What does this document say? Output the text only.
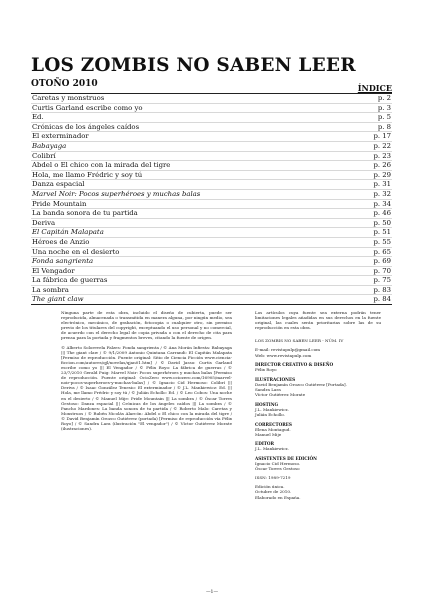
LOS ZOMBIS NO SABEN LEER
OTOÑO 2010	ÍNDICE
Caretas y monstruos	p. 2
Curtis Garland escribe como yo	p. 3
Ed.	p. 5
Crónicas de los ángeles caídos	p. 8
El exterminador	p. 17
Babayaga	p. 22
Colibrí	p. 23
Abdel o El chico con la mirada del tigre	p. 26
Hola, me llamo Frédric y soy tú	p. 29
Danza espacial	p. 31
Marvel Noir: Pocos superhéroes y muchas balas	p. 32
Pride Mountain	p. 34
La banda sonora de tu partida	p. 46
Deriva	p. 50
El Capitán Malapata	p. 51
Héroes de Anzio	p. 55
Una noche en el desierto	p. 65
Fonda sangrienta	p. 69
El Vengador	p. 70
La fábrica de guerras	p. 75
La sombra	p. 83
The giant claw	p. 84

Ninguna parte de esta obra, incluido el diseño de cubierta, puede ser reproducida, almacenada o transmitida en manera alguna, por ningún medio, sea electrónico, mecánico, de grabación, fotocopia o cualquier otro, sin permiso previo de los titulares del copyright, exceptuando el uso personal y no comercial, de acuerdo con el derecho legal de copia privada o con el derecho de cita para prensa para la portada y fragmentos breves, citando la fuente de origen.

© Alberto Solorevela Falzes: Fonda sangrienta / © Ana Morán Infiesta: Babayaga ||| The giant claw / © 9/1/2009 Antonio Quintana Carrandi: El Capitán Malapata [Permiso de reproducción. Fuente original: Sitio de Ciencia Ficción www.ciencia-ficcion.com/autores/qjl/novelas/qjan01.htm] / © David Jasso: Curtis Garland escribe como yo ||| El Vengador / © Félix Royo: La fábrica de guerras / © 23/7/2010 Gerald Puig: Marvel Noir: Pocos superhéroes y muchas balas [Permiso de reproducción. Fuente original: OcioZero www.ociozero.com/16905/marvel-noir-pocos-superheroes-y-muchas-balas] / © Ignacio Cid Hermoso: Colibrí ||| Deriva / © Isaac González Tenesio: El exterminador / © J.L. Mankiewicz: Ed. ||| Hola, me llamo Frédric y soy tú / © Julián Echollo: Ed. / © Leo Cobos: Una noche en el desierto / © Manuel Mije: Pride Mountain ||| La sombra / © Óscar Torres Gestoso: Danza espacial ||| Crónicas de los ángeles caídos ||| La sombra / © Pancho Mardones: La banda sonora de tu partida / © Roberto Malo: Caretas y Monstruos / © Rubén Nicolás Alarcón: Abdel o El chico con la mirada del tigre / © David Benjamín Orozco Gutiérrez (portada) [Permiso de reproducción vía Félix Royo] / © Sandra Lara (ilustración "El vengador") / © Víctor Gutiérrez Morate (ilustraciones).

Los artículos cuya fuente sea externa podrán tener limitaciones legales añadidas en sus derechos en la fuente original, las cuales serán prioritarias sobre las de su reproducción en esta obra.

LOS ZOMBIS NO SABEN LEER - NÚM. IV

E-mail: revistapulp@gmail.com

Web: www.revistapulp.com

DIRECTOR CREATIVO & DISEÑO

Félix Royo

ILUSTRACIONES

David Benjamín Orozco Gutiérrez [Portada].

Sandra Lara

Víctor Gutiérrez Morate

HOSTING

J.L. Mankiewicz.

Julián Echollo.

CORRECTORES

Elena Montagud.

Manuel Mije

EDITOR

J.L. Mankiewicz.

ASISTENTES DE EDICIÓN

Ignacio Cid Hermoso.

Óscar Torres Gestoso

ISSN: 1989-7219

Edición única.

Octubre de 2010.

Elaborado en España.

—1—
